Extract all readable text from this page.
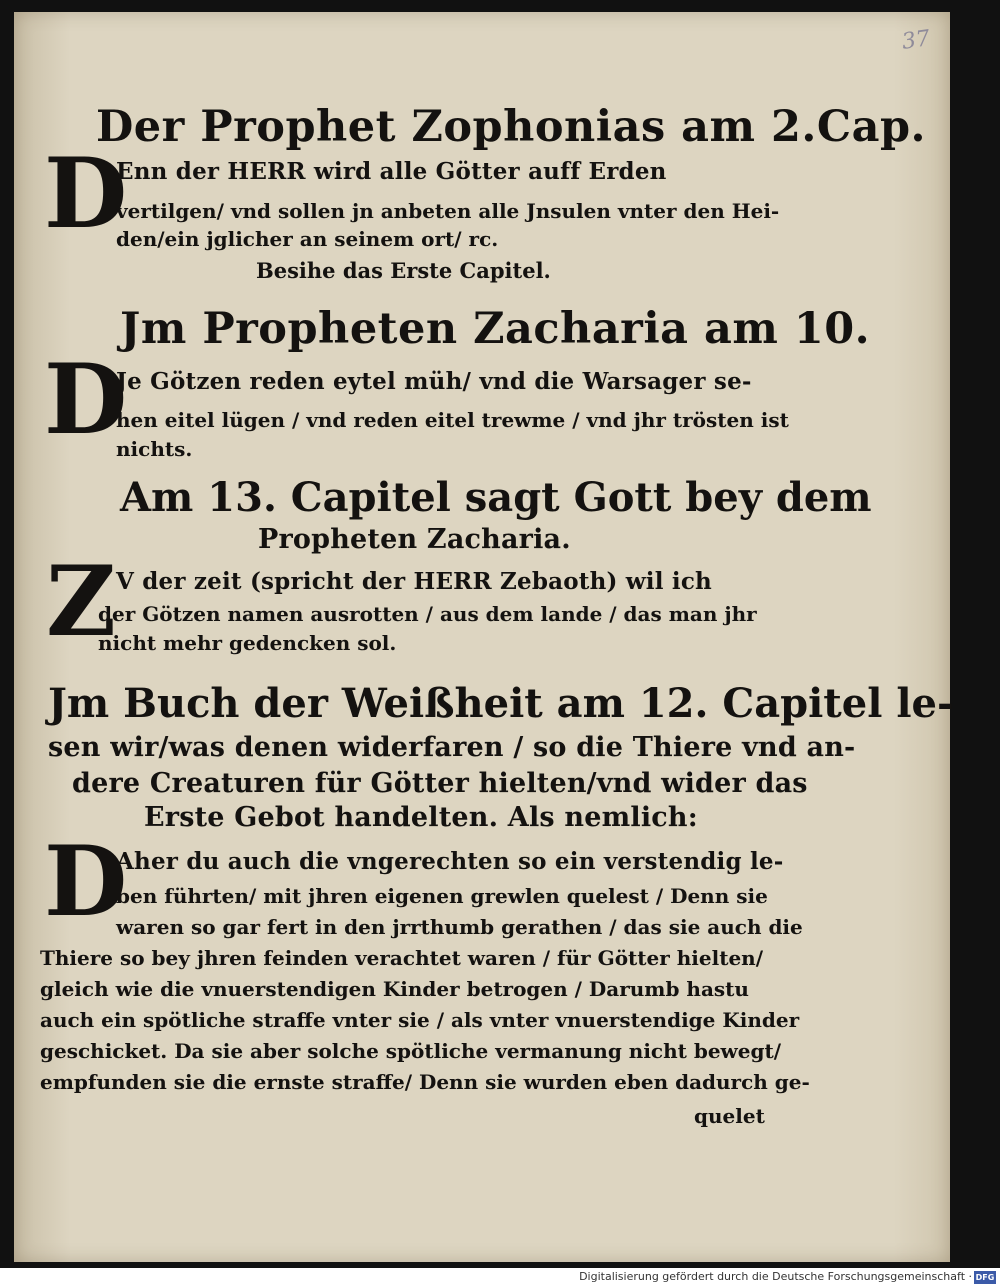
37
Der Prophet Zophonias am 2.Cap.
D
Enn der HERR wird alle Götter auff Erden
vertilgen/ vnd sollen jn anbeten alle Jnsulen vnter den Hei-
den/ein jglicher an seinem ort/ rc.
Besihe das Erste Capitel.
Jm Propheten Zacharia am 10.
D
Je Götzen reden eytel müh/ vnd die Warsager se-
hen eitel lügen / vnd reden eitel trewme / vnd jhr trösten ist
nichts.
Am 13. Capitel sagt Gott bey dem
Propheten Zacharia.
Z V der zeit (spricht der HERR Zebaoth) wil ich
der Götzen namen ausrotten / aus dem lande / das man jhr
nicht mehr gedencken sol.
Jm Buch der Weißheit am 12. Capitel le-
sen wir/was denen widerfaren / so die Thiere vnd an-
dere Creaturen für Götter hielten/vnd wider das
Erste Gebot handelten. Als nemlich:
D
Aher du auch die vngerechten so ein verstendig le-
ben führten/ mit jhren eigenen grewlen quelest / Denn sie
waren so gar fert in den jrrthumb gerathen / das sie auch die
Thiere so bey jhren feinden verachtet waren / für Götter hielten/
gleich wie die vnuerstendigen Kinder betrogen / Darumb hastu
auch ein spötliche straffe vnter sie / als vnter vnuerstendige Kinder
geschicket. Da sie aber solche spötliche vermanung nicht bewegt/
empfunden sie die ernste straffe/ Denn sie wurden eben dadurch ge-
quelet
Digitalisierung gefördert durch die Deutsche Forschungsgemeinschaft · DFG
